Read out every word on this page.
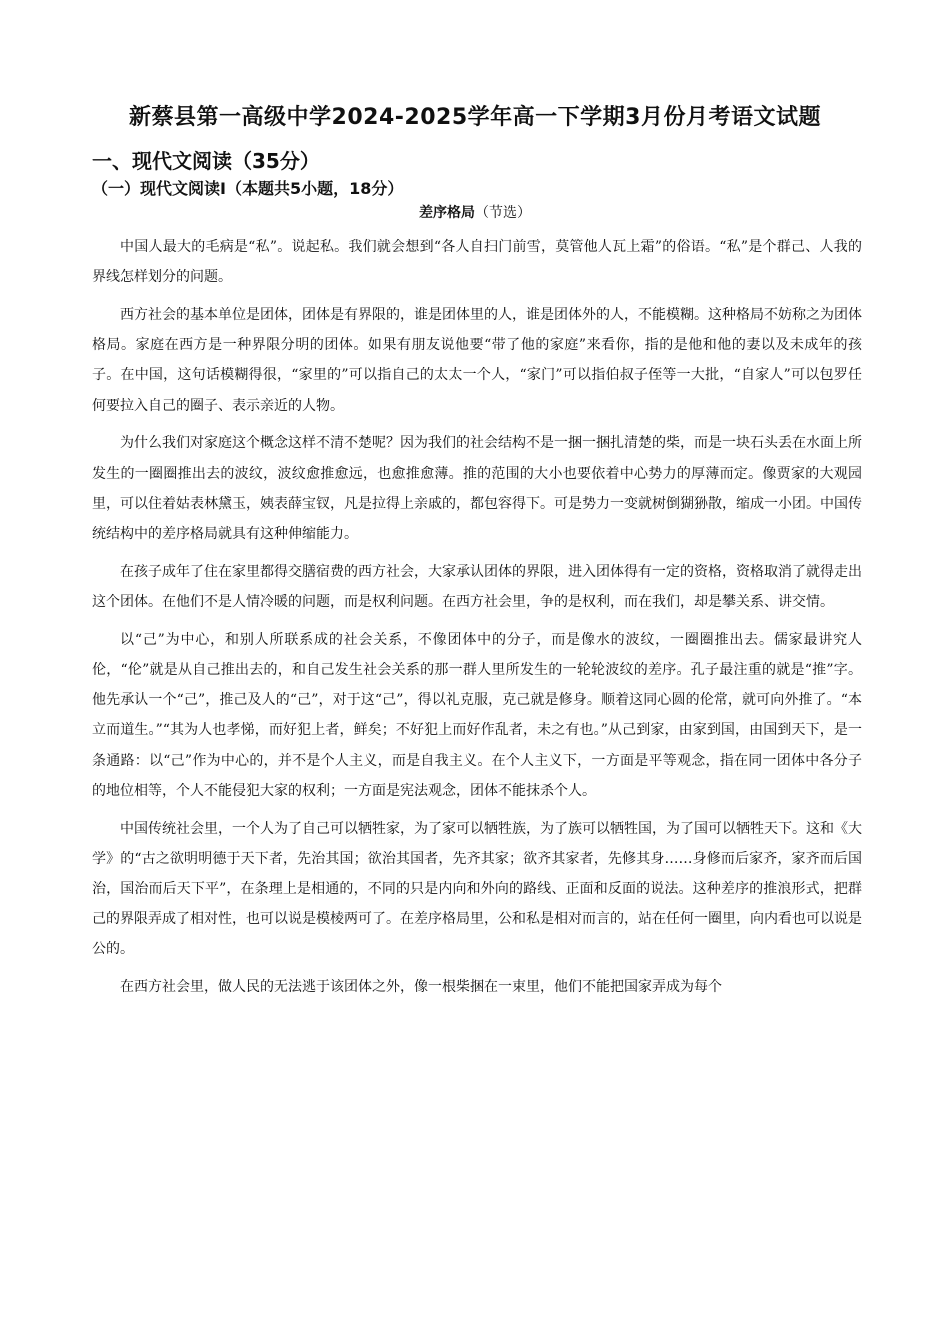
新蔡县第一高级中学2024-2025学年高一下学期3月份月考语文试题
一、现代文阅读（35分）
（一）现代文阅读Ⅰ（本题共5小题，18分）
差序格局（节选）

中国人最大的毛病是“私”。说起私。我们就会想到“各人自扫门前雪，莫管他人瓦上霜”的俗语。“私”是个群己、人我的界线怎样划分的问题。

西方社会的基本单位是团体，团体是有界限的，谁是团体里的人，谁是团体外的人，不能模糊。这种格局不妨称之为团体格局。家庭在西方是一种界限分明的团体。如果有朋友说他要“带了他的家庭”来看你，指的是他和他的妻以及未成年的孩子。在中国，这句话模糊得很，“家里的”可以指自己的太太一个人，“家门”可以指伯叔子侄等一大批，“自家人”可以包罗任何要拉入自己的圈子、表示亲近的人物。

为什么我们对家庭这个概念这样不清不楚呢？因为我们的社会结构不是一捆一捆扎清楚的柴，而是一块石头丢在水面上所发生的一圈圈推出去的波纹，波纹愈推愈远，也愈推愈薄。推的范围的大小也要依着中心势力的厚薄而定。像贾家的大观园里，可以住着姑表林黛玉，姨表薛宝钗，凡是拉得上亲戚的，都包容得下。可是势力一变就树倒猢狲散，缩成一小团。中国传统结构中的差序格局就具有这种伸缩能力。

在孩子成年了住在家里都得交膳宿费的西方社会，大家承认团体的界限，进入团体得有一定的资格，资格取消了就得走出这个团体。在他们不是人情冷暖的问题，而是权利问题。在西方社会里，争的是权利，而在我们，却是攀关系、讲交情。

以“己”为中心，和别人所联系成的社会关系，不像团体中的分子，而是像水的波纹，一圈圈推出去。儒家最讲究人伦，“伦”就是从自己推出去的，和自己发生社会关系的那一群人里所发生的一轮轮波纹的差序。孔子最注重的就是“推”字。他先承认一个“己”，推己及人的“己”，对于这“己”，得以礼克服，克己就是修身。顺着这同心圆的伦常，就可向外推了。“本立而道生。”“其为人也孝悌，而好犯上者，鲜矣；不好犯上而好作乱者，未之有也。”从己到家，由家到国，由国到天下，是一条通路：以“己”作为中心的，并不是个人主义，而是自我主义。在个人主义下，一方面是平等观念，指在同一团体中各分子的地位相等，个人不能侵犯大家的权利；一方面是宪法观念，团体不能抹杀个人。

中国传统社会里，一个人为了自己可以牺牲家，为了家可以牺牲族，为了族可以牺牲国，为了国可以牺牲天下。这和《大学》的“古之欲明明德于天下者，先治其国；欲治其国者，先齐其家；欲齐其家者，先修其身……身修而后家齐，家齐而后国治，国治而后天下平”，在条理上是相通的，不同的只是内向和外向的路线、正面和反面的说法。这种差序的推浪形式，把群己的界限弄成了相对性，也可以说是模棱两可了。在差序格局里，公和私是相对而言的，站在任何一圈里，向内看也可以说是公的。

在西方社会里，做人民的无法逃于该团体之外，像一根柴捆在一束里，他们不能把国家弄成为每个
